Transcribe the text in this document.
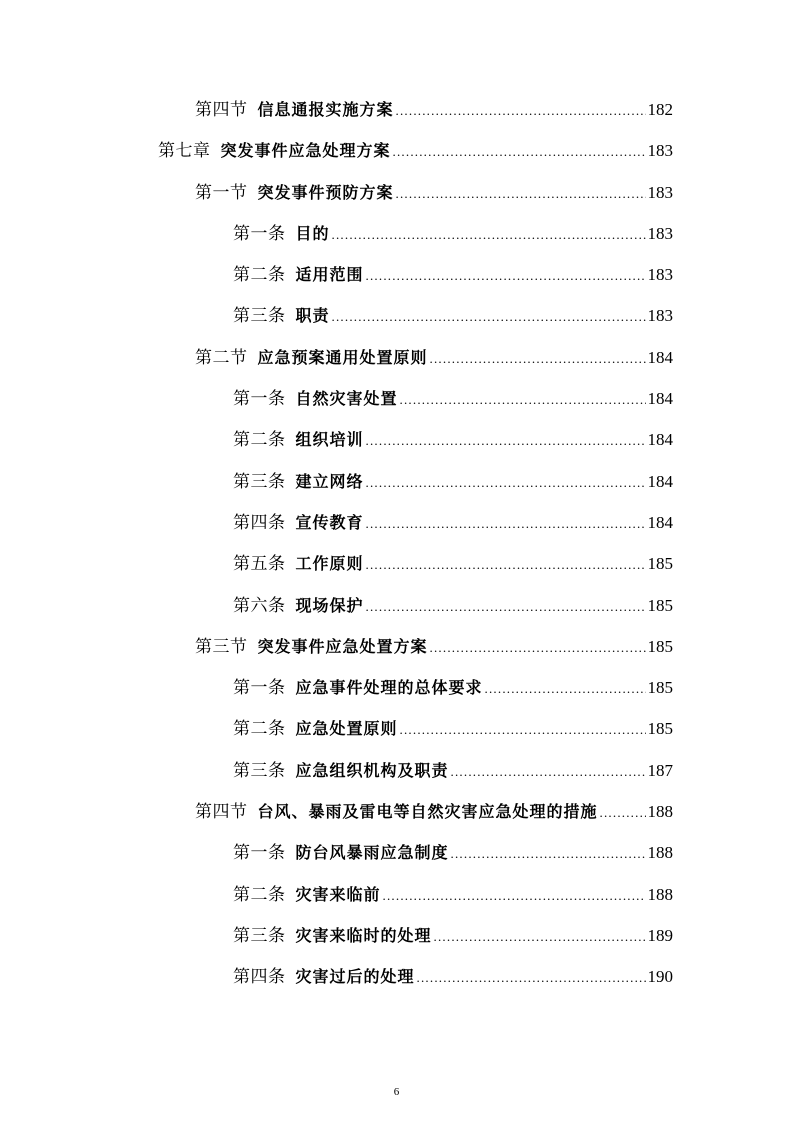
第四节 信息通报实施方案 .....	182
第七章 突发事件应急处理方案 .....	183
第一节 突发事件预防方案 .....	183
第一条 目的 .....	183
第二条 适用范围 .....	183
第三条 职责 .....	183
第二节 应急预案通用处置原则 .....	184
第一条 自然灾害处置 .....	184
第二条 组织培训 .....	184
第三条 建立网络 .....	184
第四条 宣传教育 .....	184
第五条 工作原则 .....	185
第六条 现场保护 .....	185
第三节 突发事件应急处置方案 .....	185
第一条 应急事件处理的总体要求 .....	185
第二条 应急处置原则 .....	185
第三条 应急组织机构及职责 .....	187
第四节 台风、暴雨及雷电等自然灾害应急处理的措施 .....	188
第一条 防台风暴雨应急制度 .....	188
第二条 灾害来临前 .....	188
第三条 灾害来临时的处理 .....	189
第四条 灾害过后的处理 .....	190
6
